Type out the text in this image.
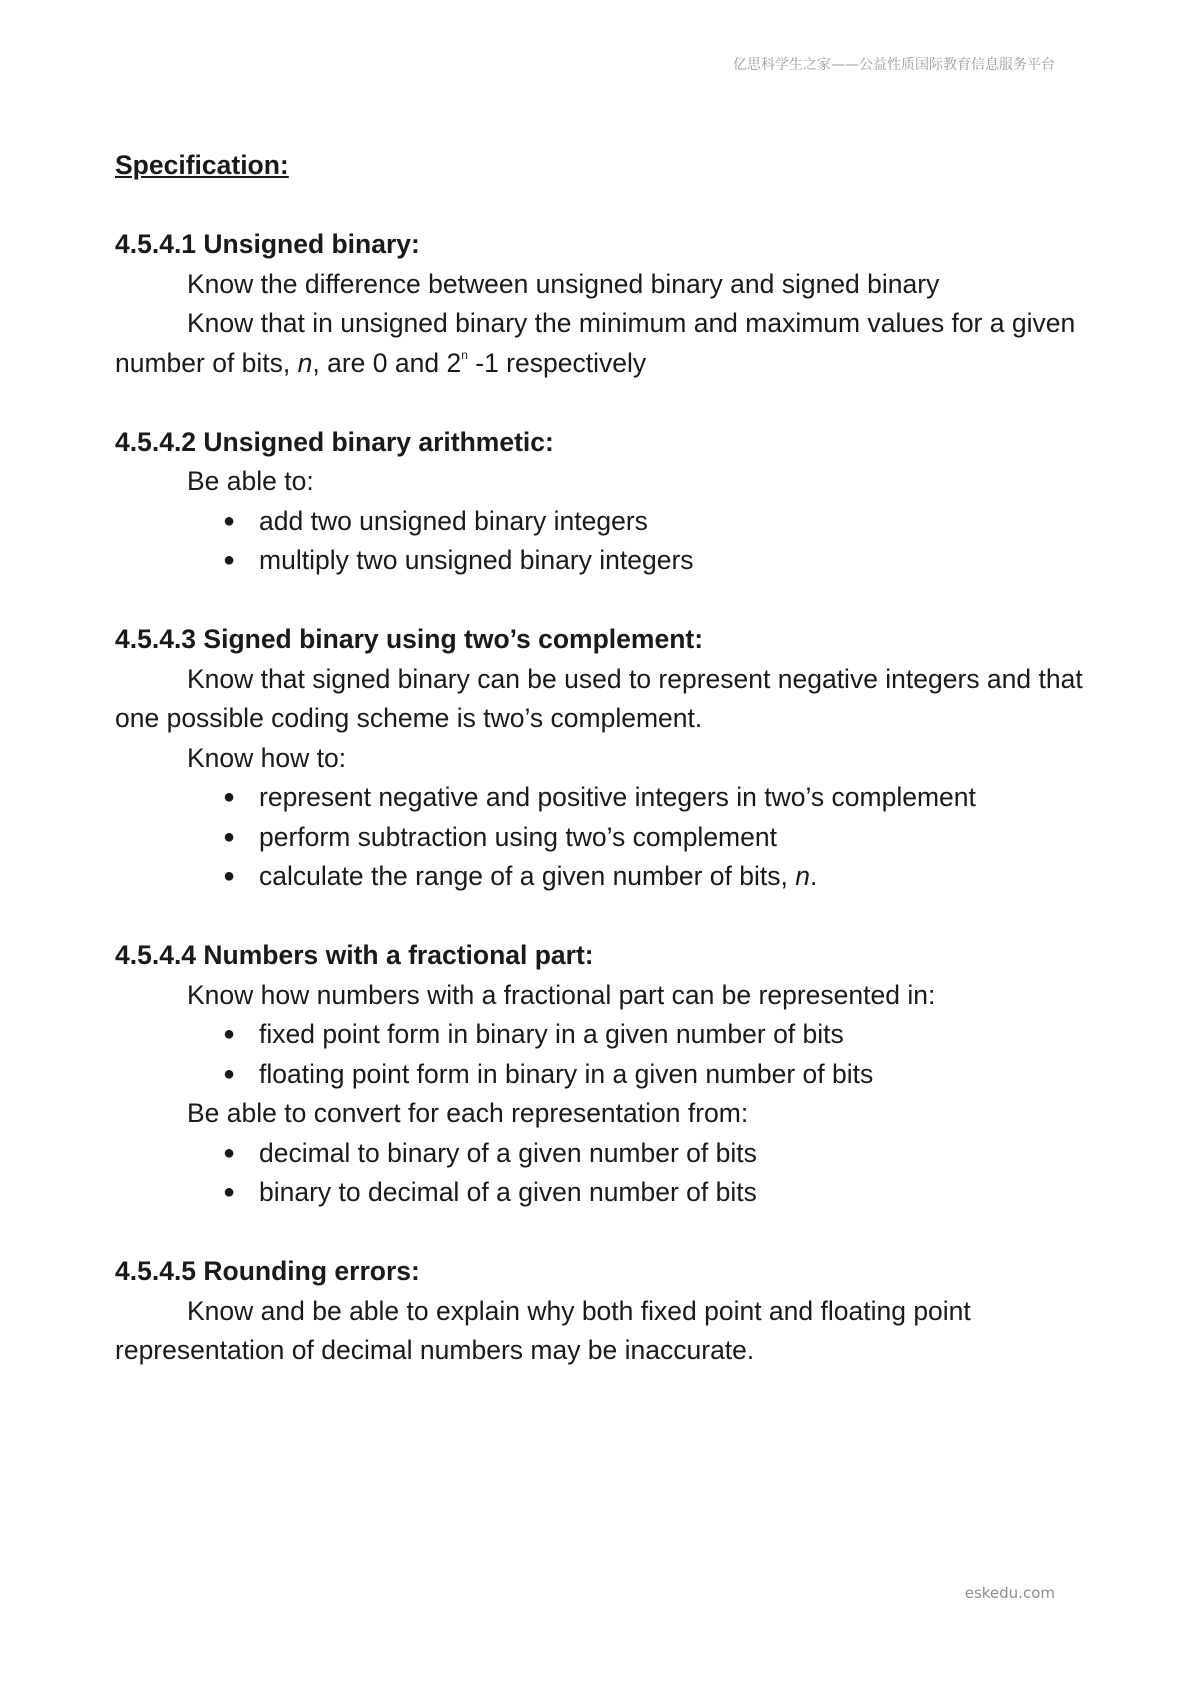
亿思科学生之家——公益性质国际教育信息服务平台

Specification:

4.5.4.1 Unsigned binary:

Know the difference between unsigned binary and signed binary

Know that in unsigned binary the minimum and maximum values for a given number of bits, n, are 0 and 2$^n$ -1 respectively

4.5.4.2 Unsigned binary arithmetic:

Be able to:

● add two unsigned binary integers
● multiply two unsigned binary integers

4.5.4.3 Signed binary using two’s complement:

Know that signed binary can be used to represent negative integers and that one possible coding scheme is two’s complement.

Know how to:

● represent negative and positive integers in two’s complement
● perform subtraction using two’s complement
● calculate the range of a given number of bits, n.

4.5.4.4 Numbers with a fractional part:

Know how numbers with a fractional part can be represented in:

● fixed point form in binary in a given number of bits
● floating point form in binary in a given number of bits

Be able to convert for each representation from:

● decimal to binary of a given number of bits
● binary to decimal of a given number of bits

4.5.4.5 Rounding errors:

Know and be able to explain why both fixed point and floating point representation of decimal numbers may be inaccurate.

eskedu.com
